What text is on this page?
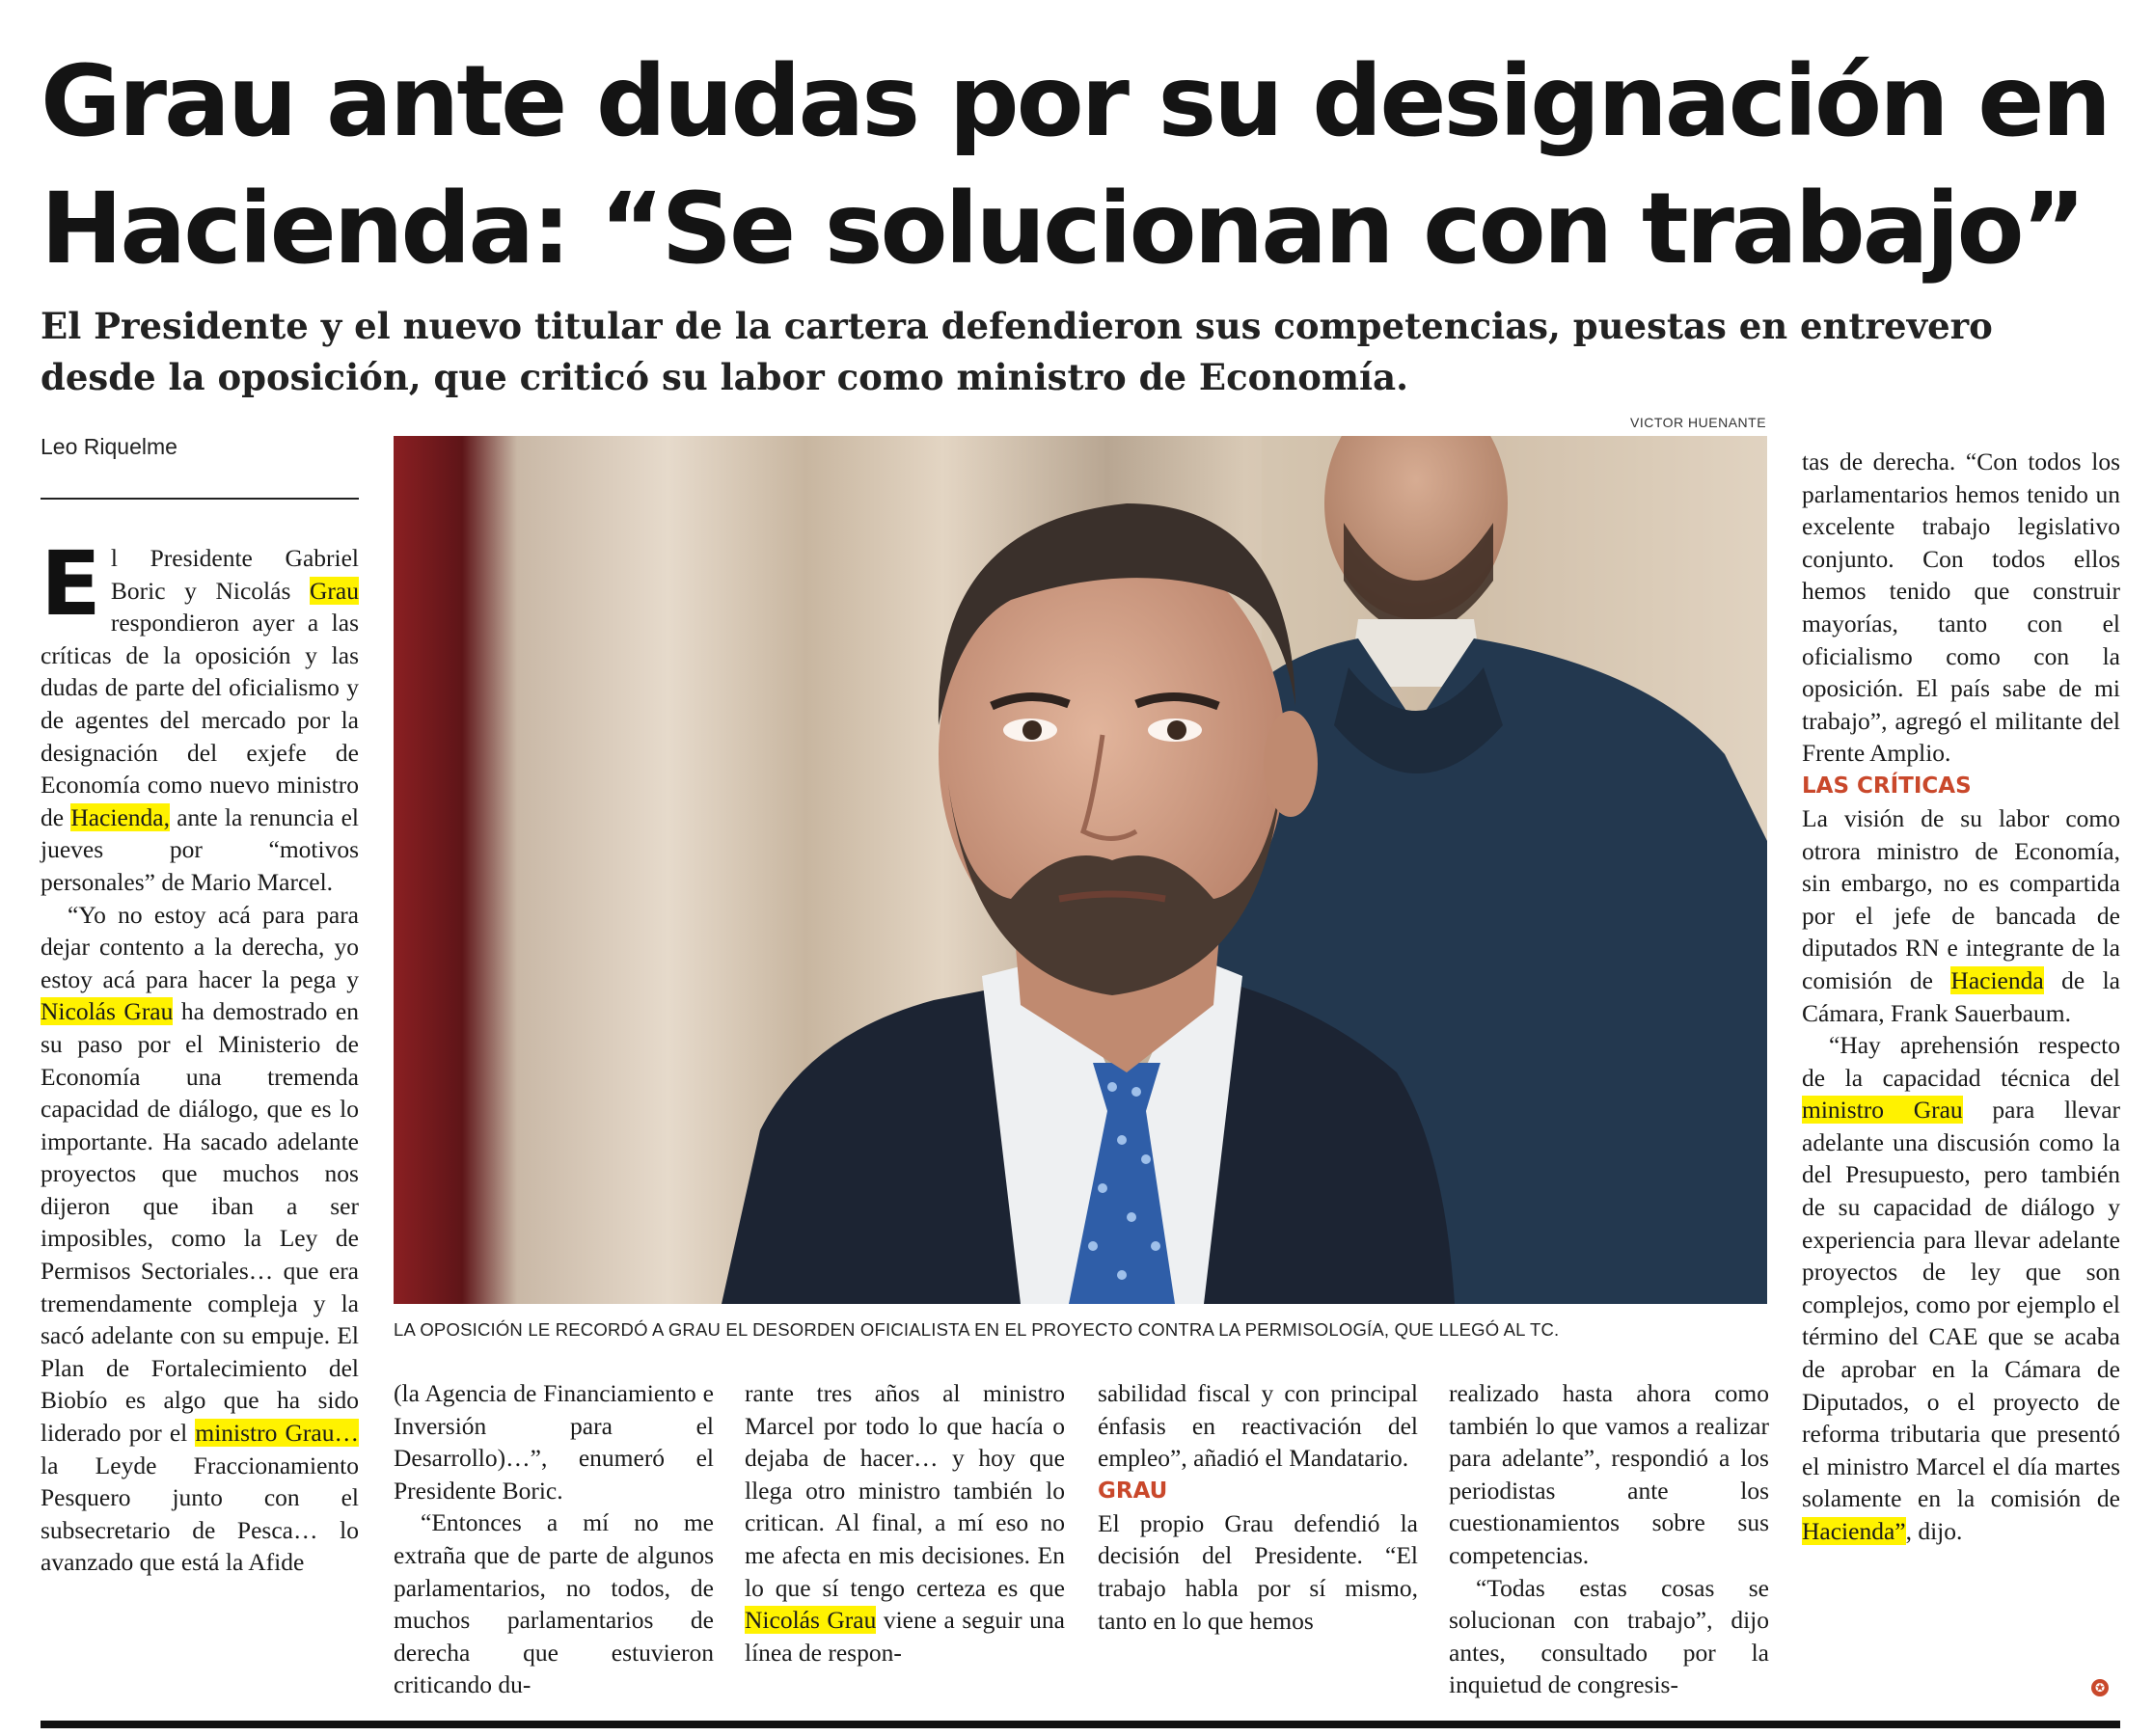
Grau ante dudas por su designación en Hacienda: “Se solucionan con trabajo”

El Presidente y el nuevo titular de la cartera defendieron sus competencias, puestas en entrevero desde la oposición, que criticó su labor como ministro de Economía.

Leo Riquelme

El Presidente Gabriel Boric y Nicolás Grau respondieron ayer a las críticas de la oposición y las dudas de parte del oficialismo y de agentes del mercado por la designación del exjefe de Economía como nuevo ministro de Hacienda, ante la renuncia el jueves por “motivos personales” de Mario Marcel.

“Yo no estoy acá para para dejar contento a la derecha, yo estoy acá para hacer la pega y Nicolás Grau ha demostrado en su paso por el Ministerio de Economía una tremenda capacidad de diálogo, que es lo importante. Ha sacado adelante proyectos que muchos nos dijeron que iban a ser imposibles, como la Ley de Permisos Sectoriales… que era tremendamente compleja y la sacó adelante con su empuje. El Plan de Fortalecimiento del Biobío es algo que ha sido liderado por el ministro Grau… la Leyde Fraccionamiento Pesquero junto con el subsecretario de Pesca… lo avanzado que está la Afide

VICTOR HUENANTE
LA OPOSICIÓN LE RECORDÓ A GRAU EL DESORDEN OFICIALISTA EN EL PROYECTO CONTRA LA PERMISOLOGÍA, QUE LLEGÓ AL TC.

(la Agencia de Financiamiento e Inversión para el Desarrollo)…”, enumeró el Presidente Boric.

“Entonces a mí no me extraña que de parte de algunos parlamentarios, no todos, de muchos parlamentarios de derecha que estuvieron criticando du-

rante tres años al ministro Marcel por todo lo que hacía o dejaba de hacer… y hoy que llega otro ministro también lo critican. Al final, a mí eso no me afecta en mis decisiones. En lo que sí tengo certeza es que Nicolás Grau viene a seguir una línea de respon-

sabilidad fiscal y con principal énfasis en reactivación del empleo”, añadió el Mandatario.

GRAU

El propio Grau defendió la decisión del Presidente. “El trabajo habla por sí mismo, tanto en lo que hemos

realizado hasta ahora como también lo que vamos a realizar para adelante”, respondió a los periodistas ante los cuestionamientos sobre sus competencias.

“Todas estas cosas se solucionan con trabajo”, dijo antes, consultado por la inquietud de congresis-

tas de derecha. “Con todos los parlamentarios hemos tenido un excelente trabajo legislativo conjunto. Con todos ellos hemos tenido que construir mayorías, tanto con el oficialismo como con la oposición. El país sabe de mi trabajo”, agregó el militante del Frente Amplio.

LAS CRÍTICAS

La visión de su labor como otrora ministro de Economía, sin embargo, no es compartida por el jefe de bancada de diputados RN e integrante de la comisión de Hacienda de la Cámara, Frank Sauerbaum.

“Hay aprehensión respecto de la capacidad técnica del ministro Grau para llevar adelante una discusión como la del Presupuesto, pero también de su capacidad de diálogo y experiencia para llevar adelante proyectos de ley que son complejos, como por ejemplo el término del CAE que se acaba de aprobar en la Cámara de Diputados, o el proyecto de reforma tributaria que presentó el ministro Marcel el día martes solamente en la comisión de Hacienda”, dijo.

✪
